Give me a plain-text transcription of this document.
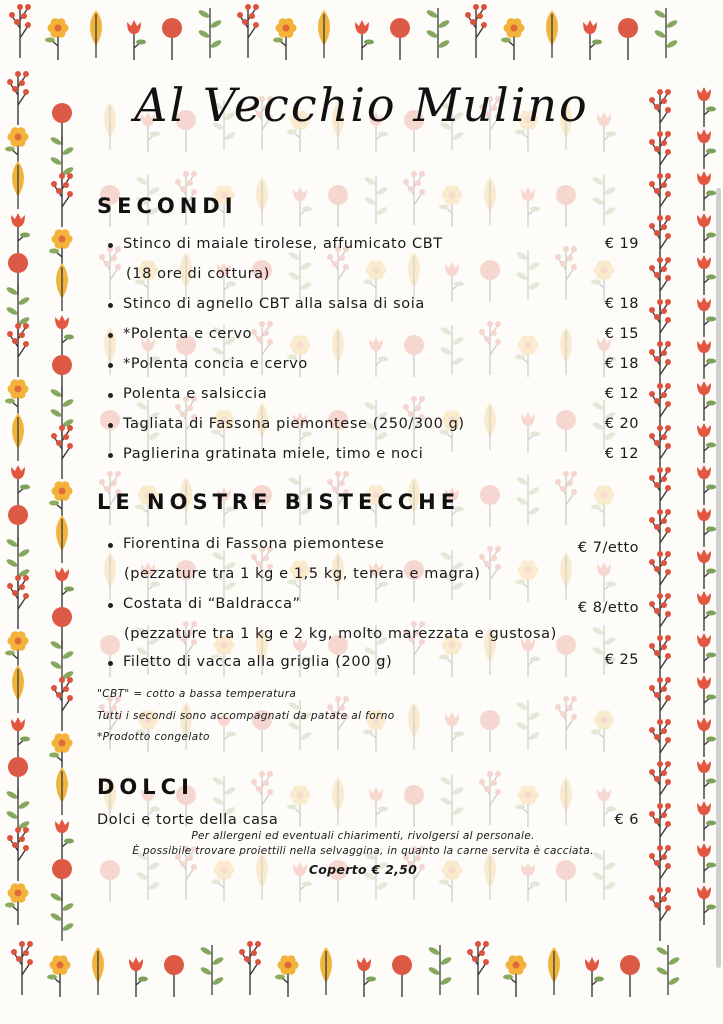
Al Vecchio Mulino
SECONDI
Stinco di maiale tirolese, affumicato CBT	€ 19
(18 ore di cottura)
Stinco di agnello CBT alla salsa di soia	€ 18
*Polenta e cervo	€ 15
*Polenta concia e cervo	€ 18
Polenta e salsiccia	€ 12
Tagliata di Fassona piemontese (250/300 g)	€ 20
Paglierina gratinata miele, timo e noci	€ 12
LE NOSTRE BISTECCHE
Fiorentina di Fassona piemontese	€ 7/etto
(pezzature tra 1 kg e 1,5 kg, tenera e magra)
Costata di “Baldracca”	€ 8/etto
(pezzature tra 1 kg e 2 kg, molto marezzata e gustosa)
Filetto di vacca alla griglia (200 g)	€ 25
"CBT" = cotto a bassa temperatura
Tutti i secondi sono accompagnati da patate al forno
*Prodotto congelato
DOLCI
Dolci e torte della casa	€ 6
Per allergeni ed eventuali chiarimenti, rivolgersi al personale.
È possibile trovare proiettili nella selvaggina, in quanto la carne servita è cacciata.
Coperto € 2,50
